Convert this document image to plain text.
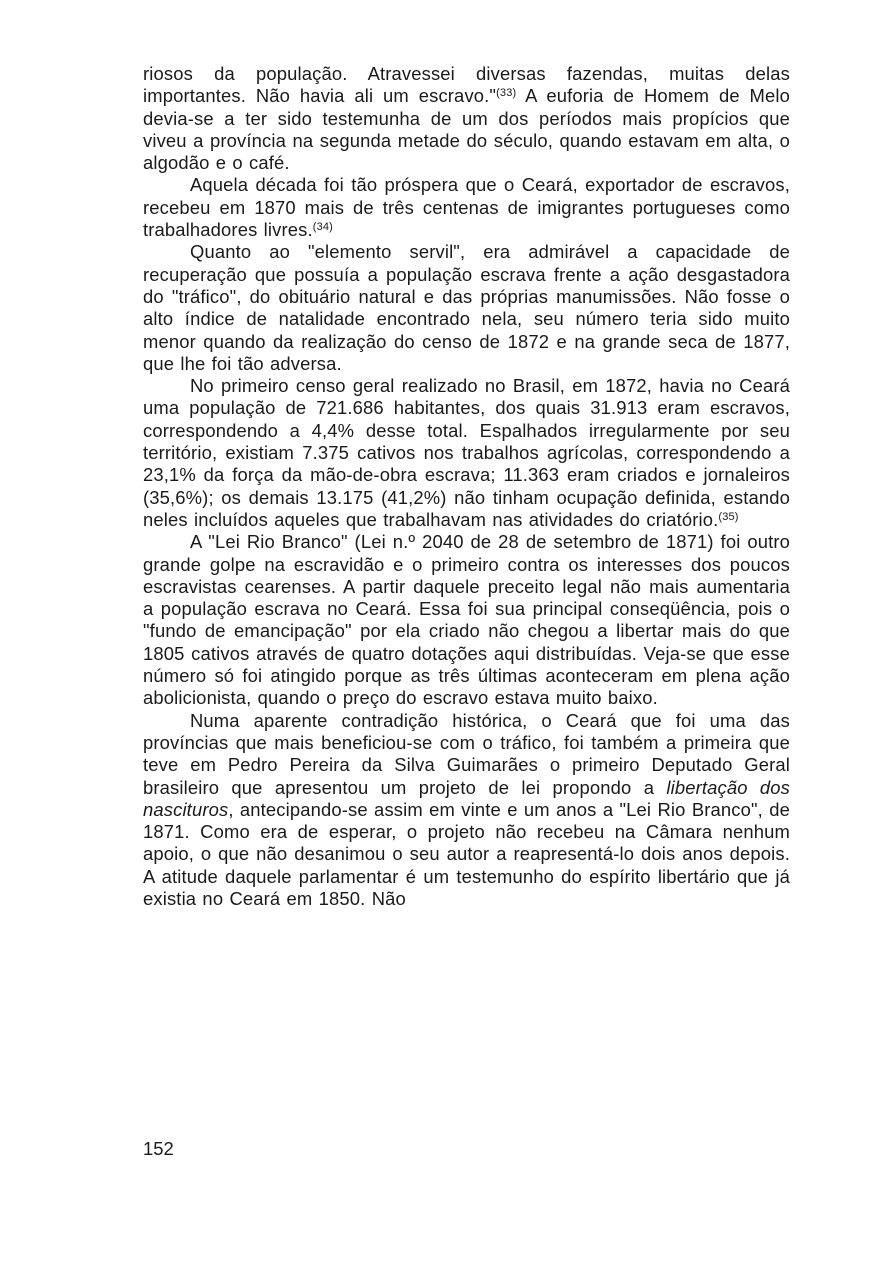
riosos da população. Atravessei diversas fazendas, muitas delas importantes. Não havia ali um escravo."$^{(33)}$ A euforia de Homem de Melo devia-se a ter sido testemunha de um dos períodos mais propícios que viveu a província na segunda metade do século, quando estavam em alta, o algodão e o café.

Aquela década foi tão próspera que o Ceará, exportador de escravos, recebeu em 1870 mais de três centenas de imigrantes portugueses como trabalhadores livres.$^{(34)}$

Quanto ao "elemento servil", era admirável a capacidade de recuperação que possuía a população escrava frente a ação desgastadora do "tráfico", do obituário natural e das próprias manumissões. Não fosse o alto índice de natalidade encontrado nela, seu número teria sido muito menor quando da realização do censo de 1872 e na grande seca de 1877, que lhe foi tão adversa.

No primeiro censo geral realizado no Brasil, em 1872, havia no Ceará uma população de 721.686 habitantes, dos quais 31.913 eram escravos, correspondendo a 4,4% desse total. Espalhados irregularmente por seu território, existiam 7.375 cativos nos trabalhos agrícolas, correspondendo a 23,1% da força da mão-de-obra escrava; 11.363 eram criados e jornaleiros (35,6%); os demais 13.175 (41,2%) não tinham ocupação definida, estando neles incluídos aqueles que trabalhavam nas atividades do criatório.$^{(35)}$

A "Lei Rio Branco" (Lei n.º 2040 de 28 de setembro de 1871) foi outro grande golpe na escravidão e o primeiro contra os interesses dos poucos escravistas cearenses. A partir daquele preceito legal não mais aumentaria a população escrava no Ceará. Essa foi sua principal conseqüência, pois o "fundo de emancipação" por ela criado não chegou a libertar mais do que 1805 cativos através de quatro dotações aqui distribuídas. Veja-se que esse número só foi atingido porque as três últimas aconteceram em plena ação abolicionista, quando o preço do escravo estava muito baixo.

Numa aparente contradição histórica, o Ceará que foi uma das províncias que mais beneficiou-se com o tráfico, foi também a primeira que teve em Pedro Pereira da Silva Guimarães o primeiro Deputado Geral brasileiro que apresentou um projeto de lei propondo a libertação dos nascituros, antecipando-se assim em vinte e um anos a "Lei Rio Branco", de 1871. Como era de esperar, o projeto não recebeu na Câmara nenhum apoio, o que não desanimou o seu autor a reapresentá-lo dois anos depois. A atitude daquele parlamentar é um testemunho do espírito libertário que já existia no Ceará em 1850. Não

152
